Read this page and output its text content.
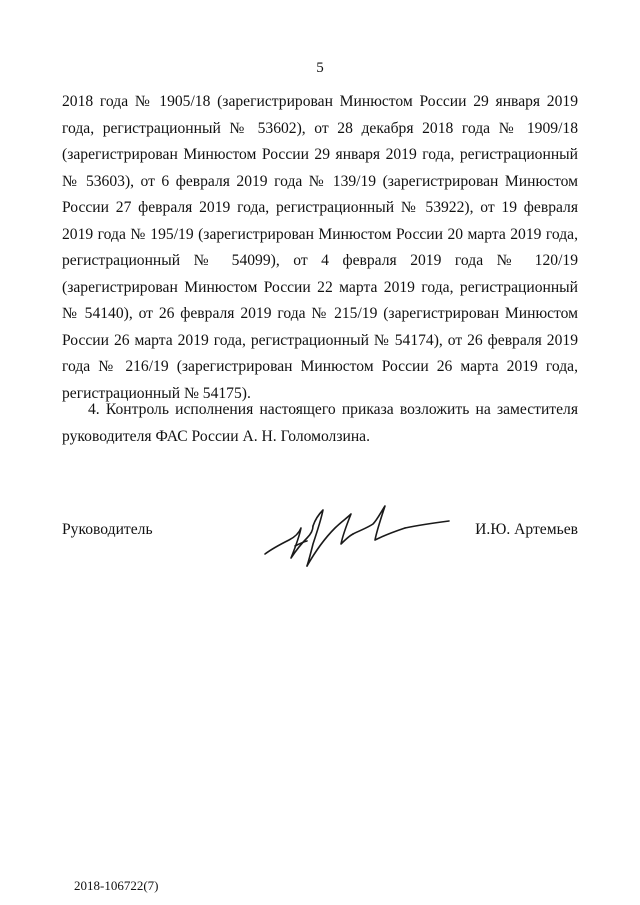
5

2018 года № 1905/18 (зарегистрирован Минюстом России 29 января 2019 года, регистрационный № 53602), от 28 декабря 2018 года № 1909/18 (зарегистрирован Минюстом России 29 января 2019 года, регистрационный № 53603), от 6 февраля 2019 года № 139/19 (зарегистрирован Минюстом России 27 февраля 2019 года, регистрационный № 53922), от 19 февраля 2019 года № 195/19 (зарегистрирован Минюстом России 20 марта 2019 года, регистрационный № 54099), от 4 февраля 2019 года № 120/19 (зарегистрирован Минюстом России 22 марта 2019 года, регистрационный № 54140), от 26 февраля 2019 года № 215/19 (зарегистрирован Минюстом России 26 марта 2019 года, регистрационный № 54174), от 26 февраля 2019 года № 216/19 (зарегистрирован Минюстом России 26 марта 2019 года, регистрационный № 54175).

4. Контроль исполнения настоящего приказа возложить на заместителя руководителя ФАС России А. Н. Голомолзина.

Руководитель	И.Ю. Артемьев
2018-106722(7)
